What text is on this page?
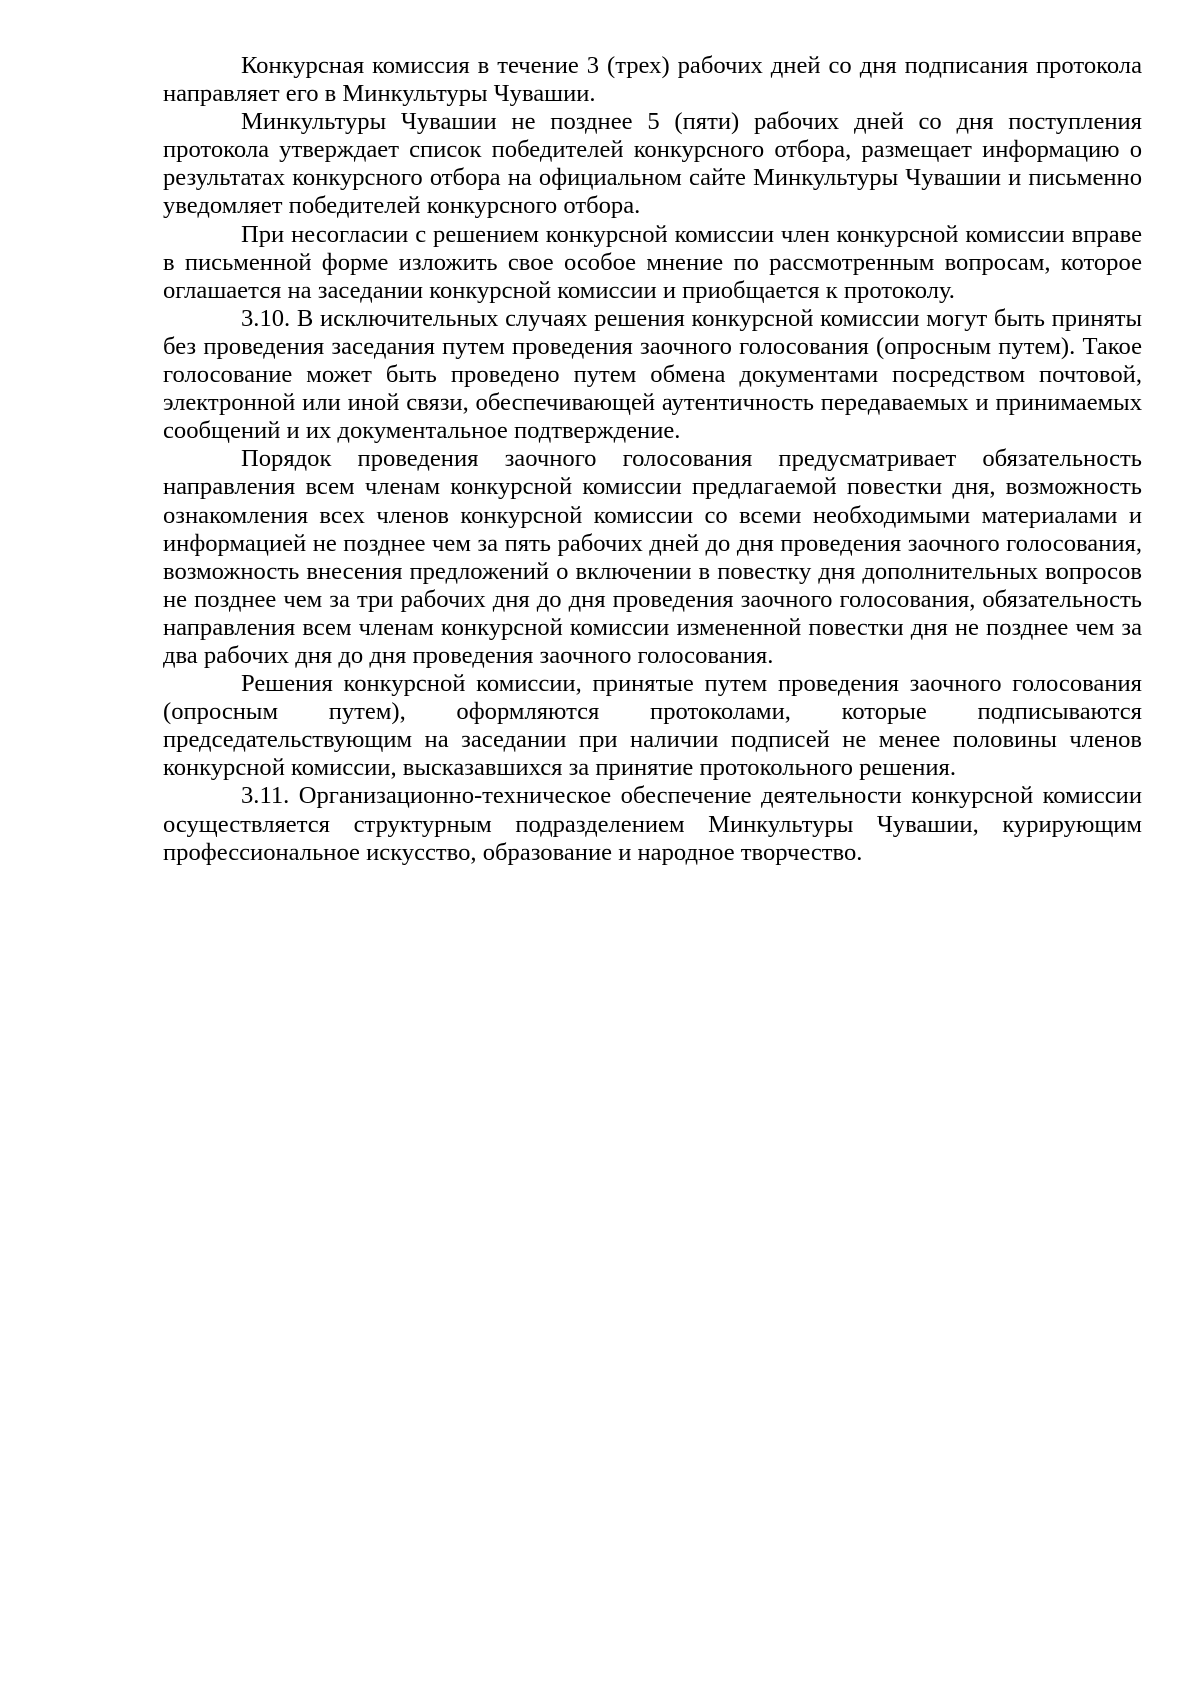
Конкурсная комиссия в течение 3 (трех) рабочих дней со дня подписания протокола направляет его в Минкультуры Чувашии.

Минкультуры Чувашии не позднее 5 (пяти) рабочих дней со дня поступления протокола утверждает список победителей конкурсного отбора, размещает информацию о результатах конкурсного отбора на официальном сайте Минкультуры Чувашии и письменно уведомляет победителей конкурсного отбора.

При несогласии с решением конкурсной комиссии член конкурсной комиссии вправе в письменной форме изложить свое особое мнение по рассмотренным вопросам, которое оглашается на заседании конкурсной комиссии и приобщается к протоколу.

3.10. В исключительных случаях решения конкурсной комиссии могут быть приняты без проведения заседания путем проведения заочного голосования (опросным путем). Такое голосование может быть проведено путем обмена документами посредством почтовой, электронной или иной связи, обеспечивающей аутентичность передаваемых и принимаемых сообщений и их документальное подтверждение.

Порядок проведения заочного голосования предусматривает обязательность направления всем членам конкурсной комиссии предлагаемой повестки дня, возможность ознакомления всех членов конкурсной комиссии со всеми необходимыми материалами и информацией не позднее чем за пять рабочих дней до дня проведения заочного голосования, возможность внесения предложений о включении в повестку дня дополнительных вопросов не позднее чем за три рабочих дня до дня проведения заочного голосования, обязательность направления всем членам конкурсной комиссии измененной повестки дня не позднее чем за два рабочих дня до дня проведения заочного голосования.

Решения конкурсной комиссии, принятые путем проведения заочного голосования (опросным путем), оформляются протоколами, которые подписываются председательствующим на заседании при наличии подписей не менее половины членов конкурсной комиссии, высказавшихся за принятие протокольного решения.

3.11. Организационно-техническое обеспечение деятельности конкурсной комиссии осуществляется структурным подразделением Минкультуры Чувашии, курирующим профессиональное искусство, образование и народное творчество.
